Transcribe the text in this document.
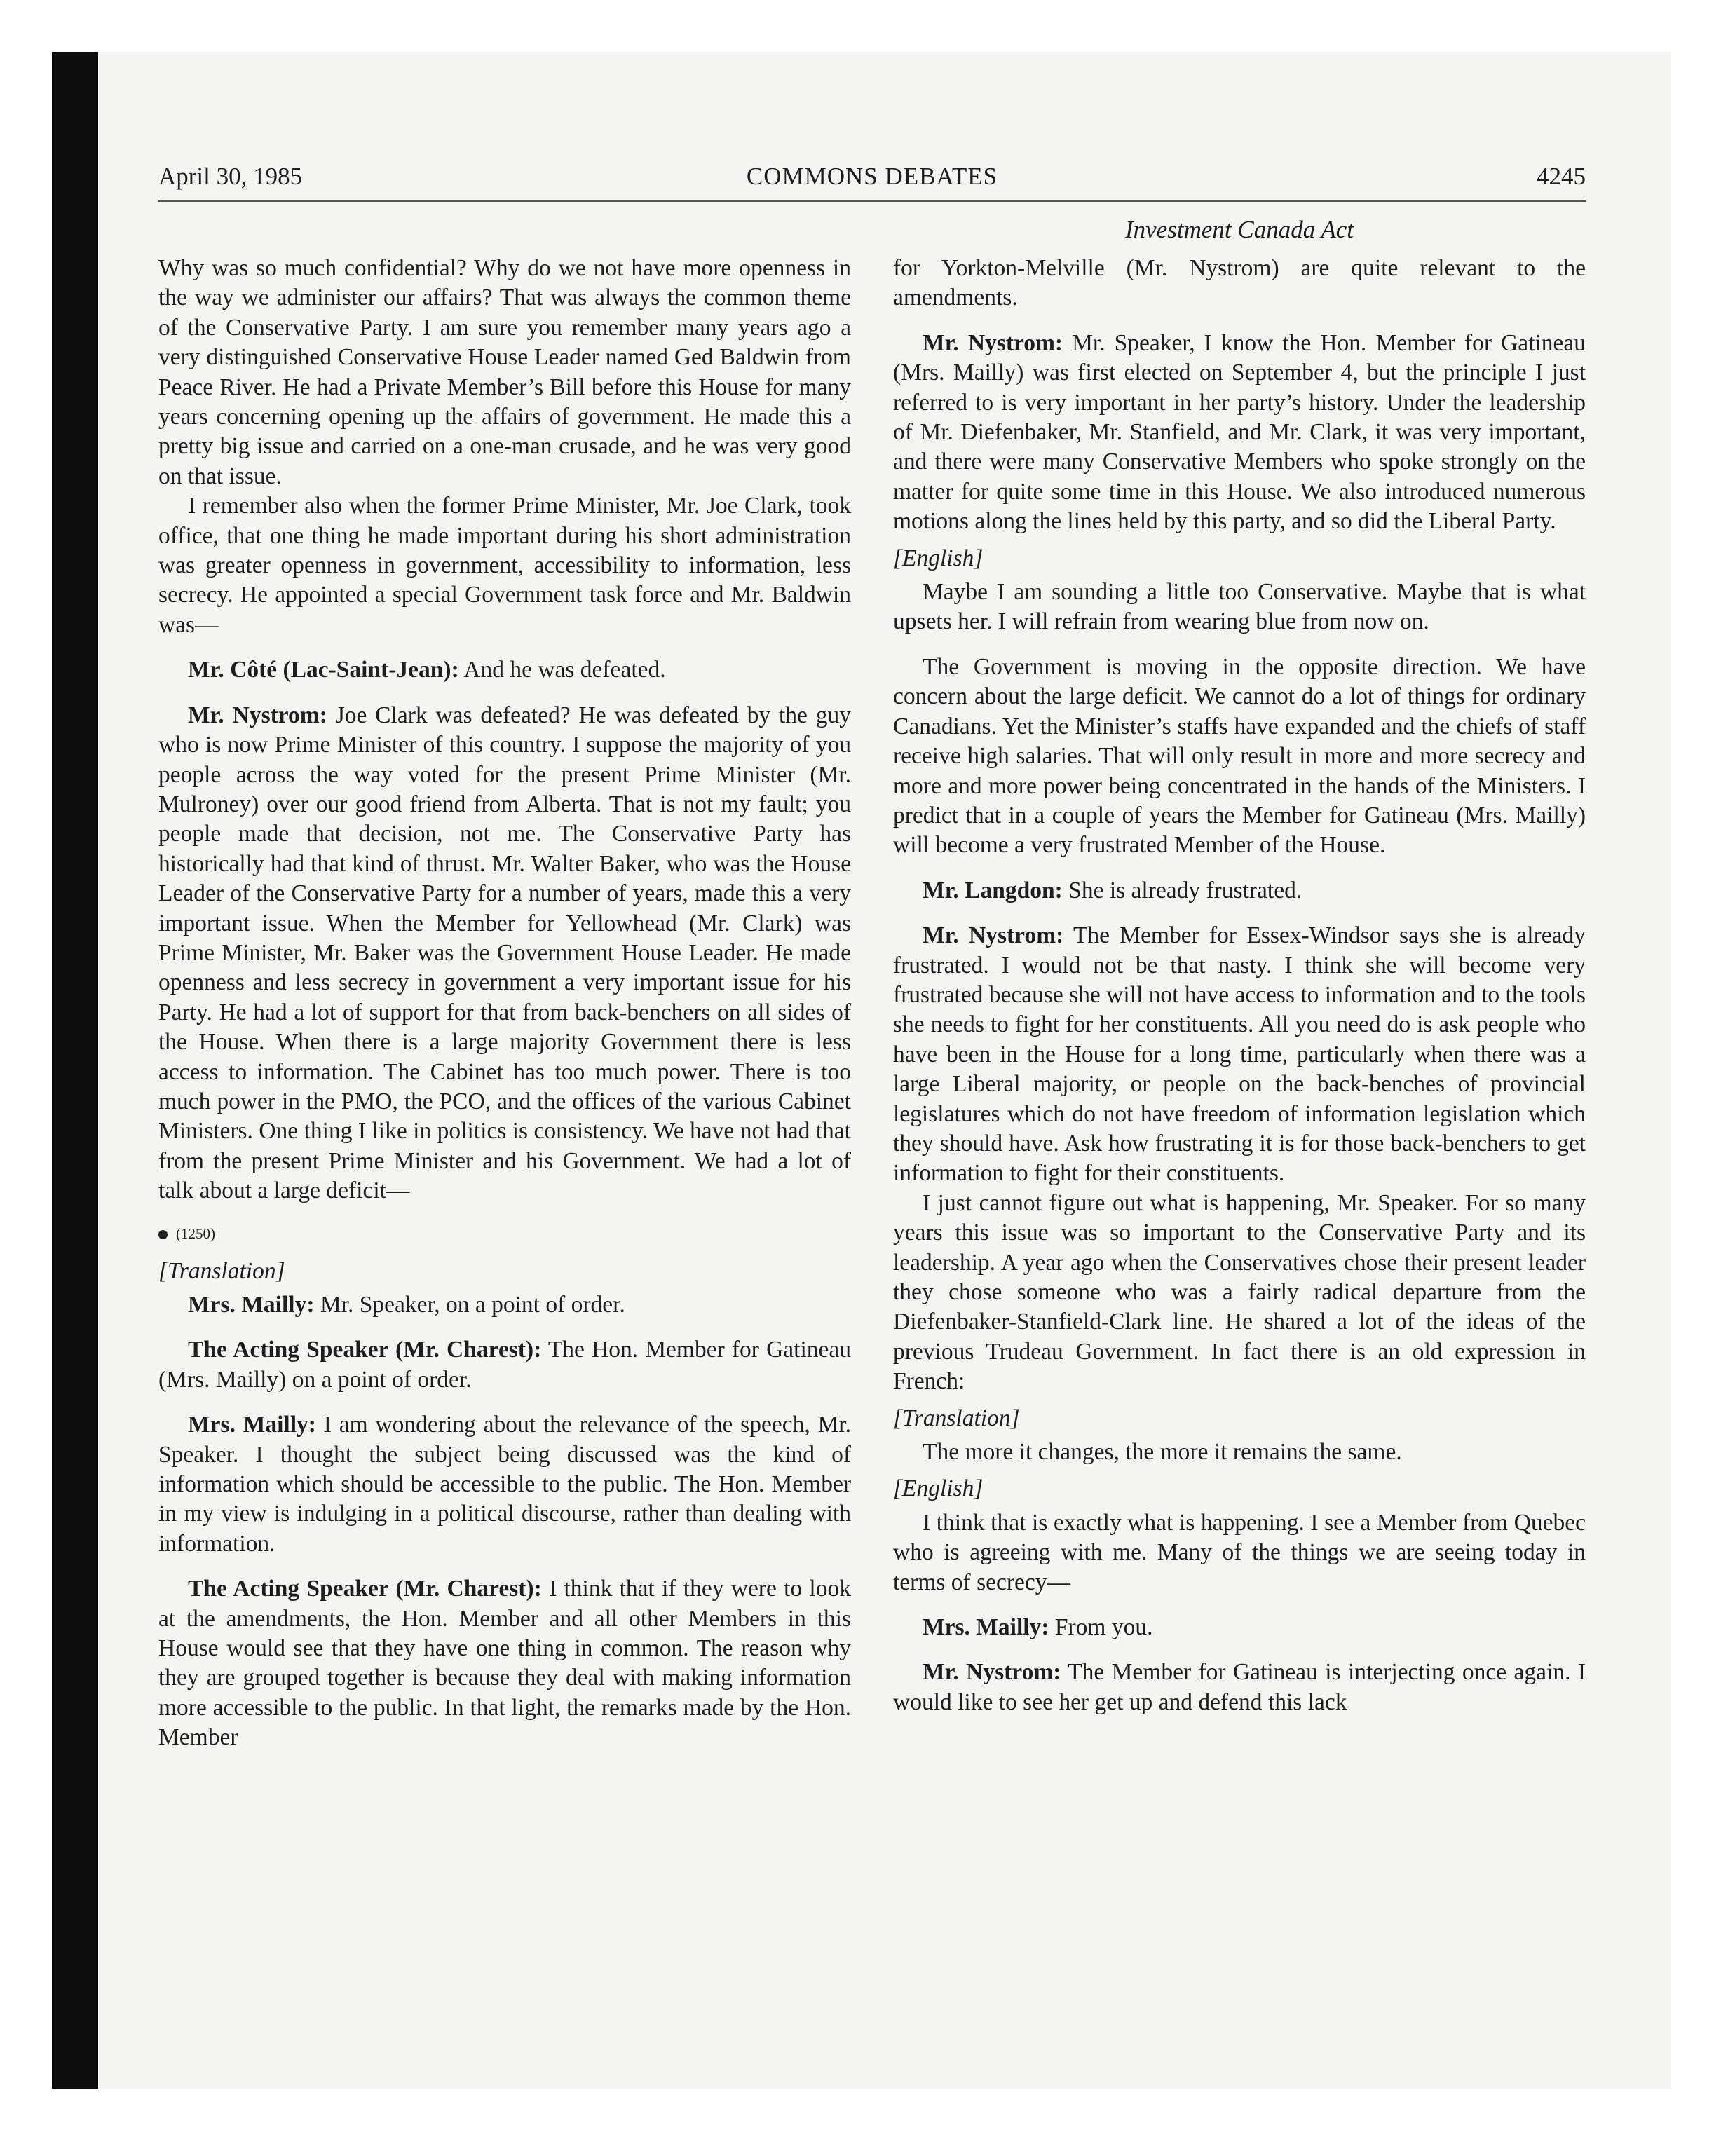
April 30, 1985	COMMONS DEBATES	4245
Investment Canada Act

Why was so much confidential? Why do we not have more openness in the way we administer our affairs? That was always the common theme of the Conservative Party. I am sure you remember many years ago a very distinguished Conservative House Leader named Ged Baldwin from Peace River. He had a Private Member’s Bill before this House for many years concerning opening up the affairs of government. He made this a pretty big issue and carried on a one-man crusade, and he was very good on that issue.

I remember also when the former Prime Minister, Mr. Joe Clark, took office, that one thing he made important during his short administration was greater openness in government, accessibility to information, less secrecy. He appointed a special Government task force and Mr. Baldwin was—

Mr. Côté (Lac-Saint-Jean): And he was defeated.

Mr. Nystrom: Joe Clark was defeated? He was defeated by the guy who is now Prime Minister of this country. I suppose the majority of you people across the way voted for the present Prime Minister (Mr. Mulroney) over our good friend from Alberta. That is not my fault; you people made that decision, not me. The Conservative Party has historically had that kind of thrust. Mr. Walter Baker, who was the House Leader of the Conservative Party for a number of years, made this a very important issue. When the Member for Yellowhead (Mr. Clark) was Prime Minister, Mr. Baker was the Government House Leader. He made openness and less secrecy in government a very important issue for his Party. He had a lot of support for that from back-benchers on all sides of the House. When there is a large majority Government there is less access to information. The Cabinet has too much power. There is too much power in the PMO, the PCO, and the offices of the various Cabinet Ministers. One thing I like in politics is consistency. We have not had that from the present Prime Minister and his Government. We had a lot of talk about a large deficit—

(1250)
[Translation]

Mrs. Mailly: Mr. Speaker, on a point of order.

The Acting Speaker (Mr. Charest): The Hon. Member for Gatineau (Mrs. Mailly) on a point of order.

Mrs. Mailly: I am wondering about the relevance of the speech, Mr. Speaker. I thought the subject being discussed was the kind of information which should be accessible to the public. The Hon. Member in my view is indulging in a political discourse, rather than dealing with information.

The Acting Speaker (Mr. Charest): I think that if they were to look at the amendments, the Hon. Member and all other Members in this House would see that they have one thing in common. The reason why they are grouped together is because they deal with making information more accessible to the public. In that light, the remarks made by the Hon. Member

for Yorkton-Melville (Mr. Nystrom) are quite relevant to the amendments.

Mr. Nystrom: Mr. Speaker, I know the Hon. Member for Gatineau (Mrs. Mailly) was first elected on September 4, but the principle I just referred to is very important in her party’s history. Under the leadership of Mr. Diefenbaker, Mr. Stanfield, and Mr. Clark, it was very important, and there were many Conservative Members who spoke strongly on the matter for quite some time in this House. We also introduced numerous motions along the lines held by this party, and so did the Liberal Party.

[English]

Maybe I am sounding a little too Conservative. Maybe that is what upsets her. I will refrain from wearing blue from now on.

The Government is moving in the opposite direction. We have concern about the large deficit. We cannot do a lot of things for ordinary Canadians. Yet the Minister’s staffs have expanded and the chiefs of staff receive high salaries. That will only result in more and more secrecy and more and more power being concentrated in the hands of the Ministers. I predict that in a couple of years the Member for Gatineau (Mrs. Mailly) will become a very frustrated Member of the House.

Mr. Langdon: She is already frustrated.

Mr. Nystrom: The Member for Essex-Windsor says she is already frustrated. I would not be that nasty. I think she will become very frustrated because she will not have access to information and to the tools she needs to fight for her constituents. All you need do is ask people who have been in the House for a long time, particularly when there was a large Liberal majority, or people on the back-benches of provincial legislatures which do not have freedom of information legislation which they should have. Ask how frustrating it is for those back-benchers to get information to fight for their constituents.

I just cannot figure out what is happening, Mr. Speaker. For so many years this issue was so important to the Conservative Party and its leadership. A year ago when the Conservatives chose their present leader they chose someone who was a fairly radical departure from the Diefenbaker-Stanfield-Clark line. He shared a lot of the ideas of the previous Trudeau Government. In fact there is an old expression in French:

[Translation]

The more it changes, the more it remains the same.

[English]

I think that is exactly what is happening. I see a Member from Quebec who is agreeing with me. Many of the things we are seeing today in terms of secrecy—

Mrs. Mailly: From you.

Mr. Nystrom: The Member for Gatineau is interjecting once again. I would like to see her get up and defend this lack
